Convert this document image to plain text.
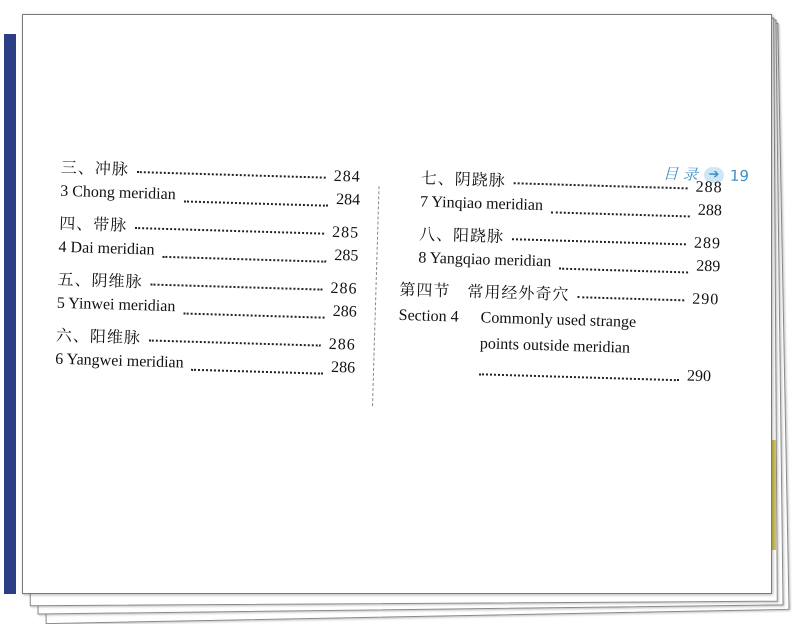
目 录 ➔ 19
三、冲脉	284
3 Chong meridian	284
四、带脉	285
4 Dai meridian	285
五、阴维脉	286
5 Yinwei meridian	286
六、阳维脉	286
6 Yangwei meridian	286
七、阴跷脉	288
7 Yinqiao meridian	288
八、阳跷脉	289
8 Yangqiao meridian	289
第四节　常用经外奇穴	290
Section 4	Commonly used strange
points outside meridian
290
